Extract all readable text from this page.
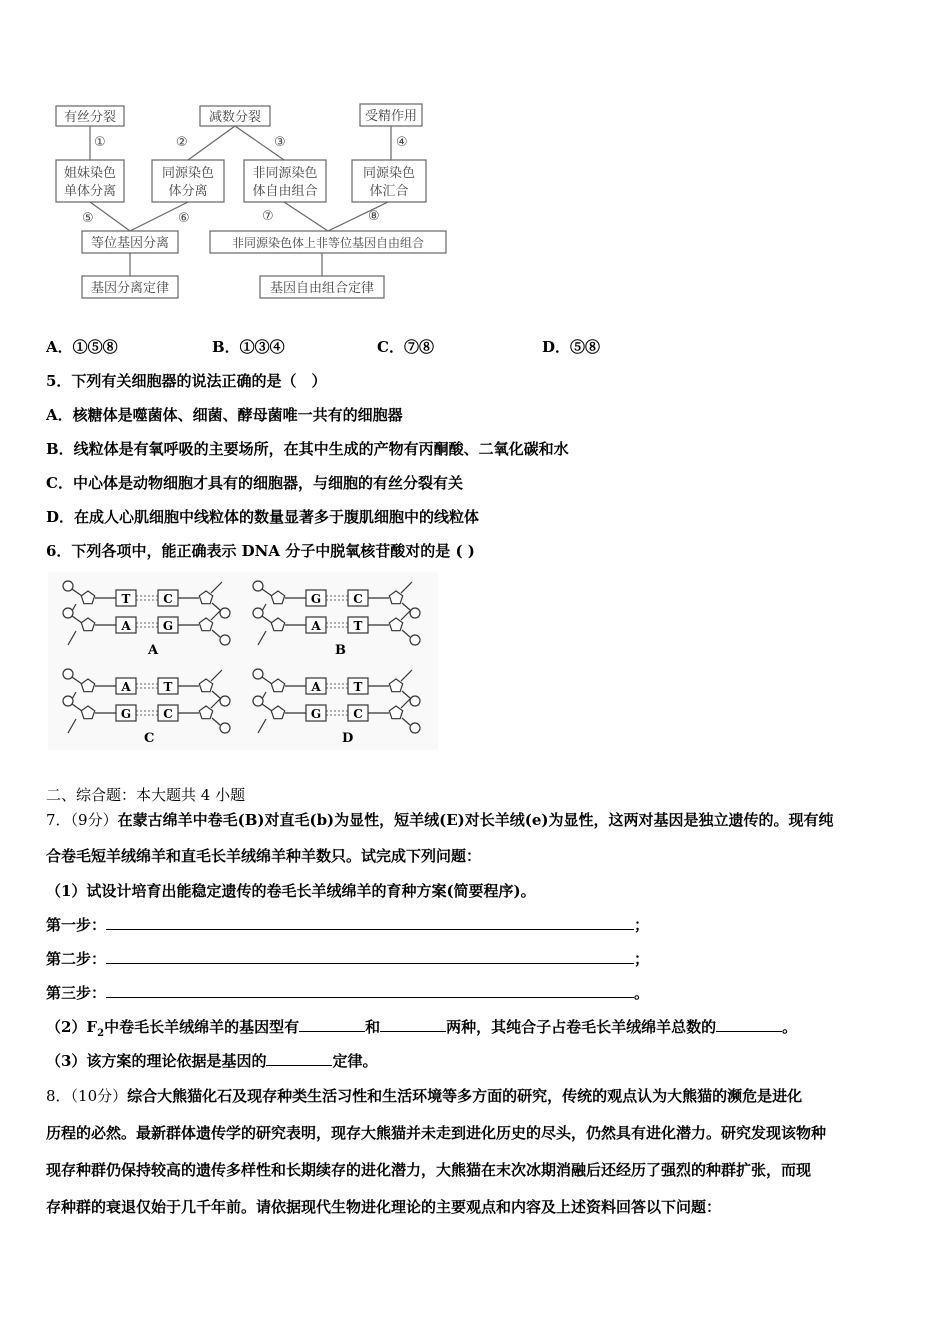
有丝分裂	减数分裂	受精作用
姐妹染色
单体分离
同源染色
体分离
非同源染色
体自由组合
同源染色
体汇合
等位基因分离	非同源染色体上非等位基因自由组合
基因分离定律	基因自由组合定律
①	②	③	④
⑤	⑥	⑦	⑧
A．①⑤⑧	B．①③④	C．⑦⑧	D．⑤⑧
5．下列有关细胞器的说法正确的是（　）
A．核糖体是噬菌体、细菌、酵母菌唯一共有的细胞器
B．线粒体是有氧呼吸的主要场所，在其中生成的产物有丙酮酸、二氧化碳和水
C．中心体是动物细胞才具有的细胞器，与细胞的有丝分裂有关
D．在成人心肌细胞中线粒体的数量显著多于腹肌细胞中的线粒体
6．下列各项中，能正确表示 DNA 分子中脱氧核苷酸对的是 ( )
T	C
A	G
G	C
A	T
A	T
G	C
A	T
G	C
A	B
C	D
二、综合题：本大题共 4 小题
7．（9分）在蒙古绵羊中卷毛(B)对直毛(b)为显性，短羊绒(E)对长羊绒(e)为显性，这两对基因是独立遗传的。现有纯
合卷毛短羊绒绵羊和直毛长羊绒绵羊种羊数只。试完成下列问题：
（1）试设计培育出能稳定遗传的卷毛长羊绒绵羊的育种方案(简要程序)。
第一步：	；
第二步：	；
第三步：	。
$(2)F_2$中卷毛长羊绒绵羊的基因型有	和	两种，其纯合子占卷毛长羊绒绵羊总数的	。
（3）该方案的理论依据是基因的	定律。
8．（10分）综合大熊猫化石及现存种类生活习性和生活环境等多方面的研究，传统的观点认为大熊猫的濒危是进化
历程的必然。最新群体遗传学的研究表明，现存大熊猫并未走到进化历史的尽头，仍然具有进化潜力。研究发现该物种
现存种群仍保持较高的遗传多样性和长期续存的进化潜力，大熊猫在末次冰期消融后还经历了强烈的种群扩张，而现
存种群的衰退仅始于几千年前。请依据现代生物进化理论的主要观点和内容及上述资料回答以下问题：
